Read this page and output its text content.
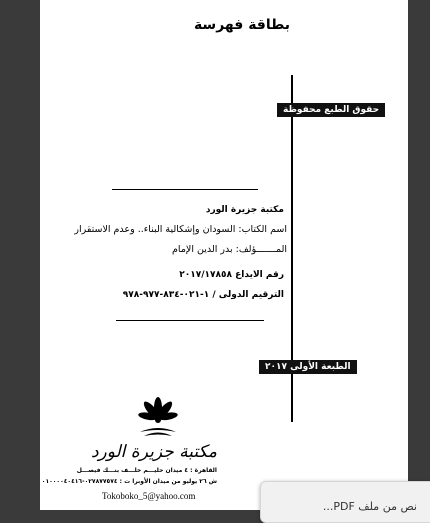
بطاقة فهرسة
حقوق الطبع محفوظة
مكتبة جزيرة الورد
اسم الكتاب: السودان وإشكالية البناء.. وعدم الاستقرار
المـــــــؤلف: بدر الدين الإمام
رقم الايداع ٢٠١٧/١٧٨٥٨
الترقيم الدولى / ١-٠٢١-٨٣٤-٩٧٧-٩٧٨
الطبعة الأولى ٢٠١٧
مكتبة جزيرة الورد
القاهرة : ٤ ميدان حليـــم خلـــف بنـــك فيصـــل
ش ٢٦ يوليو من ميدان الأوبرا ت : ٠٢٧٨٧٧٥٧٤-٠١٠٠٠٠٤٠٤١٦
Tokoboko_5@yahoo.com
نص من ملف PDF...
